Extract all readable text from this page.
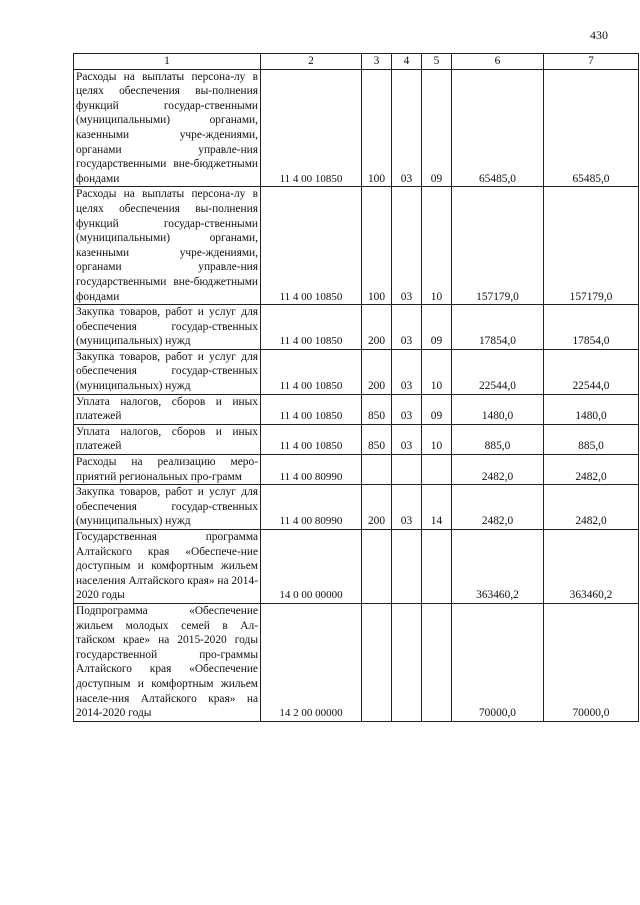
430
1	2	3	4	5	6	7
Расходы на выплаты персона-лу в целях обеспечения вы-полнения функций государ-ственными (муниципальными) органами, казенными учре-ждениями, органами управле-ния государственными вне-бюджетными фондами	11 4 00 10850	100	03	09	65485,0	65485,0
Расходы на выплаты персона-лу в целях обеспечения вы-полнения функций государ-ственными (муниципальными) органами, казенными учре-ждениями, органами управле-ния государственными вне-бюджетными фондами	11 4 00 10850	100	03	10	157179,0	157179,0
Закупка товаров, работ и услуг для обеспечения государ-ственных (муниципальных) нужд	11 4 00 10850	200	03	09	17854,0	17854,0
Закупка товаров, работ и услуг для обеспечения государ-ственных (муниципальных) нужд	11 4 00 10850	200	03	10	22544,0	22544,0
Уплата налогов, сборов и иных платежей	11 4 00 10850	850	03	09	1480,0	1480,0
Уплата налогов, сборов и иных платежей	11 4 00 10850	850	03	10	885,0	885,0
Расходы на реализацию меро-приятий региональных про-грамм	11 4 00 80990				2482,0	2482,0
Закупка товаров, работ и услуг для обеспечения государ-ственных (муниципальных) нужд	11 4 00 80990	200	03	14	2482,0	2482,0
Государственная программа Алтайского края «Обеспече-ние доступным и комфортным жильем населения Алтайского края» на 2014-2020 годы	14 0 00 00000				363460,2	363460,2
Подпрограмма «Обеспечение жильем молодых семей в Ал-тайском крае» на 2015-2020 годы государственной про-граммы Алтайского края «Обеспечение доступным и комфортным жильем населе-ния Алтайского края» на 2014-2020 годы	14 2 00 00000				70000,0	70000,0
